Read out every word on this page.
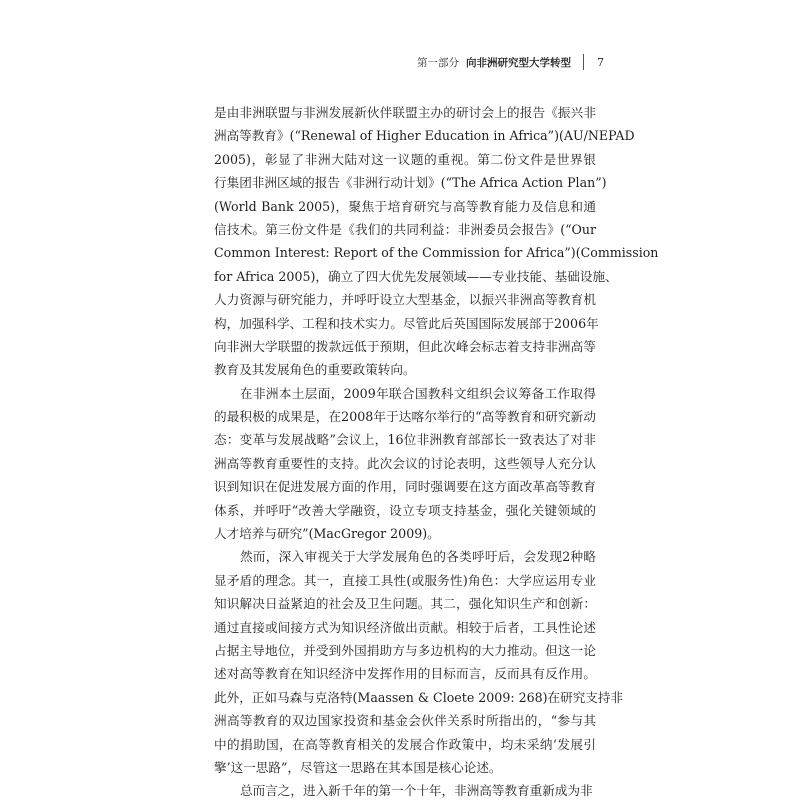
第一部分 向非洲研究型大学转型 7
是由非洲联盟与非洲发展新伙伴联盟主办的研讨会上的报告《振兴非
洲高等教育》(“Renewal of Higher Education in Africa”)(AU/NEPAD
2005)，彰显了非洲大陆对这一议题的重视。第二份文件是世界银
行集团非洲区域的报告《非洲行动计划》(“The Africa Action Plan”)
(World Bank 2005)，聚焦于培育研究与高等教育能力及信息和通
信技术。第三份文件是《我们的共同利益：非洲委员会报告》(“Our
Common Interest: Report of the Commission for Africa”)(Commission
for Africa 2005)，确立了四大优先发展领域——专业技能、基础设施、
人力资源与研究能力，并呼吁设立大型基金，以振兴非洲高等教育机
构，加强科学、工程和技术实力。尽管此后英国国际发展部于2006年
向非洲大学联盟的拨款远低于预期，但此次峰会标志着支持非洲高等
教育及其发展角色的重要政策转向。
在非洲本土层面，2009年联合国教科文组织会议筹备工作取得
的最积极的成果是，在2008年于达喀尔举行的“高等教育和研究新动
态：变革与发展战略”会议上，16位非洲教育部部长一致表达了对非
洲高等教育重要性的支持。此次会议的讨论表明，这些领导人充分认
识到知识在促进发展方面的作用，同时强调要在这方面改革高等教育
体系，并呼吁“改善大学融资，设立专项支持基金，强化关键领域的
人才培养与研究”(MacGregor 2009)。
然而，深入审视关于大学发展角色的各类呼吁后，会发现2种略
显矛盾的理念。其一，直接工具性(或服务性)角色：大学应运用专业
知识解决日益紧迫的社会及卫生问题。其二，强化知识生产和创新：
通过直接或间接方式为知识经济做出贡献。相较于后者，工具性论述
占据主导地位，并受到外国捐助方与多边机构的大力推动。但这一论
述对高等教育在知识经济中发挥作用的目标而言，反而具有反作用。
此外，正如马森与克洛特(Maassen & Cloete 2009: 268)在研究支持非
洲高等教育的双边国家投资和基金会伙伴关系时所指出的，“参与其
中的捐助国，在高等教育相关的发展合作政策中，均未采纳‘发展引
擎’这一思路”，尽管这一思路在其本国是核心论述。
总而言之，进入新千年的第一个十年，非洲高等教育重新成为非
